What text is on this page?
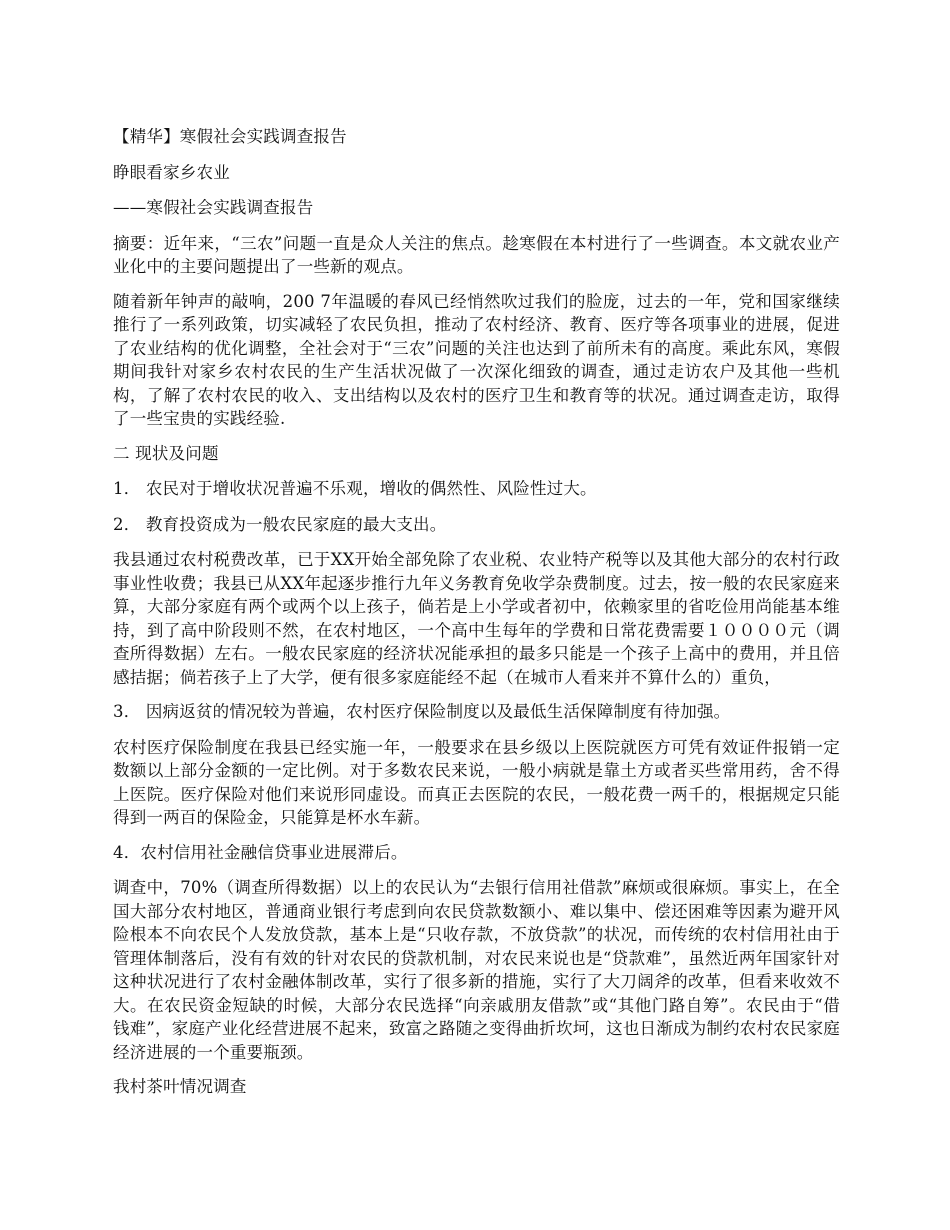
【精华】寒假社会实践调查报告

睁眼看家乡农业

——寒假社会实践调查报告

摘要：近年来，“三农”问题一直是众人关注的焦点。趁寒假在本村进行了一些调查。本文就农业产业化中的主要问题提出了一些新的观点。

随着新年钟声的敲响，200 7年温暖的春风已经悄然吹过我们的脸庞，过去的一年，党和国家继续推行了一系列政策，切实减轻了农民负担，推动了农村经济、教育、医疗等各项事业的进展，促进了农业结构的优化调整，全社会对于“三农”问题的关注也达到了前所未有的高度。乘此东风，寒假期间我针对家乡农村农民的生产生活状况做了一次深化细致的调查，通过走访农户及其他一些机构，了解了农村农民的收入、支出结构以及农村的医疗卫生和教育等的状况。通过调查走访，取得了一些宝贵的实践经验.

二 现状及问题

1． 农民对于增收状况普遍不乐观，增收的偶然性、风险性过大。

2． 教育投资成为一般农民家庭的最大支出。

我县通过农村税费改革，已于XX开始全部免除了农业税、农业特产税等以及其他大部分的农村行政事业性收费；我县已从XX年起逐步推行九年义务教育免收学杂费制度。过去，按一般的农民家庭来算，大部分家庭有两个或两个以上孩子，倘若是上小学或者初中，依赖家里的省吃俭用尚能基本维持，到了高中阶段则不然，在农村地区，一个高中生每年的学费和日常花费需要１００００元（调查所得数据）左右。一般农民家庭的经济状况能承担的最多只能是一个孩子上高中的费用，并且倍感拮据；倘若孩子上了大学，便有很多家庭能经不起（在城市人看来并不算什么的）重负，

3． 因病返贫的情况较为普遍，农村医疗保险制度以及最低生活保障制度有待加强。

农村医疗保险制度在我县已经实施一年，一般要求在县乡级以上医院就医方可凭有效证件报销一定数额以上部分金额的一定比例。对于多数农民来说，一般小病就是靠土方或者买些常用药，舍不得上医院。医疗保险对他们来说形同虚设。而真正去医院的农民，一般花费一两千的，根据规定只能得到一两百的保险金，只能算是杯水车薪。

4．农村信用社金融信贷事业进展滞后。

调查中，70%（调查所得数据）以上的农民认为“去银行信用社借款”麻烦或很麻烦。事实上，在全国大部分农村地区，普通商业银行考虑到向农民贷款数额小、难以集中、偿还困难等因素为避开风险根本不向农民个人发放贷款，基本上是“只收存款，不放贷款”的状况，而传统的农村信用社由于管理体制落后，没有有效的针对农民的贷款机制，对农民来说也是“贷款难”，虽然近两年国家针对这种状况进行了农村金融体制改革，实行了很多新的措施，实行了大刀阔斧的改革，但看来收效不大。在农民资金短缺的时候，大部分农民选择“向亲戚朋友借款”或“其他门路自筹”。农民由于“借钱难”，家庭产业化经营进展不起来，致富之路随之变得曲折坎坷，这也日渐成为制约农村农民家庭经济进展的一个重要瓶颈。

我村茶叶情况调查
